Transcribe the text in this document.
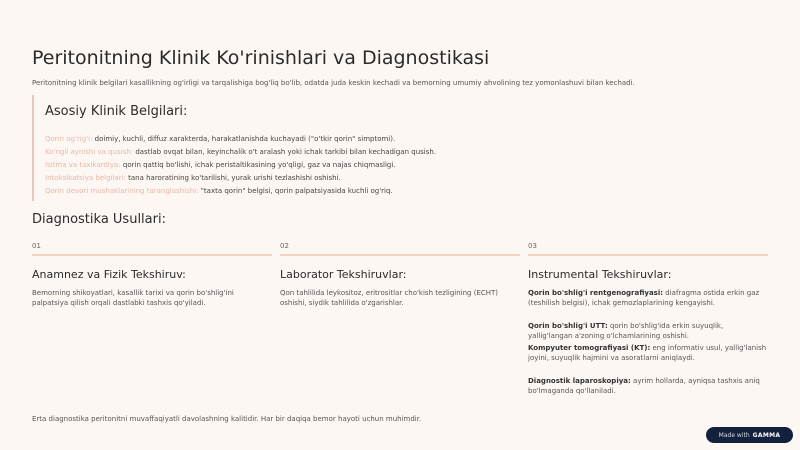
Peritonitning Klinik Ko'rinishlari va Diagnostikasi

Peritonitning klinik belgilari kasallikning og'irligi va tarqalishiga bog'liq bo'lib, odatda juda keskin kechadi va bemorning umumiy ahvolining tez yomonlashuvi bilan kechadi.

Asosiy Klinik Belgilari:
Qorin og'rig'i: doimiy, kuchli, diffuz xarakterda, harakatlanishda kuchayadi ("o'tkir qorin" simptomi).
Ko'ngil aynishi va qusish: dastlab ovqat bilan, keyinchalik o't aralash yoki ichak tarkibi bilan kechadigan qusish.
Isitma va taxikardiya: qorin qattiq bo'lishi, ichak peristaltikasining yo'qligi, gaz va najas chiqmasligi.
Intoksikatsiya belgilari: tana haroratining ko'tarilishi, yurak urishi tezlashishi oshishi.
Qorin devori mushaklarining taranglashishi: "taxta qorin" belgisi, qorin palpatsiyasida kuchli og'riq.
Diagnostika Usullari:
01
Anamnez va Fizik Tekshiruv:
Bemorning shikoyatlari, kasallik tarixi va qorin bo'shlig'ini palpatsiya qilish orqali dastlabki tashxis qo'yiladi.
02
Laborator Tekshiruvlar:
Qon tahlilida leykositoz, eritrositlar cho'kish tezligining (ECHT) oshishi, siydik tahlilida o'zgarishlar.
03
Instrumental Tekshiruvlar:
Qorin bo'shlig'i rentgenografiyasi: diafragma ostida erkin gaz (teshilish belgisi), ichak gemozlaplarining kengayishi.
Qorin bo'shlig'i UTT: qorin bo'shlig'ida erkin suyuqlik, yallig'langan a'zoning o'lchamlarining oshishi.
Kompyuter tomografiyasi (KT): eng informativ usul, yallig'lanish joyini, suyuqlik hajmini va asoratlarni aniqlaydi.
Diagnostik laparoskopiya: ayrim hollarda, ayniqsa tashxis aniq bo'lmaganda qo'llaniladi.

Erta diagnostika peritonitni muvaffaqiyatli davolashning kalitidir. Har bir daqiqa bemor hayoti uchun muhimdir.

Made with GAMMA
